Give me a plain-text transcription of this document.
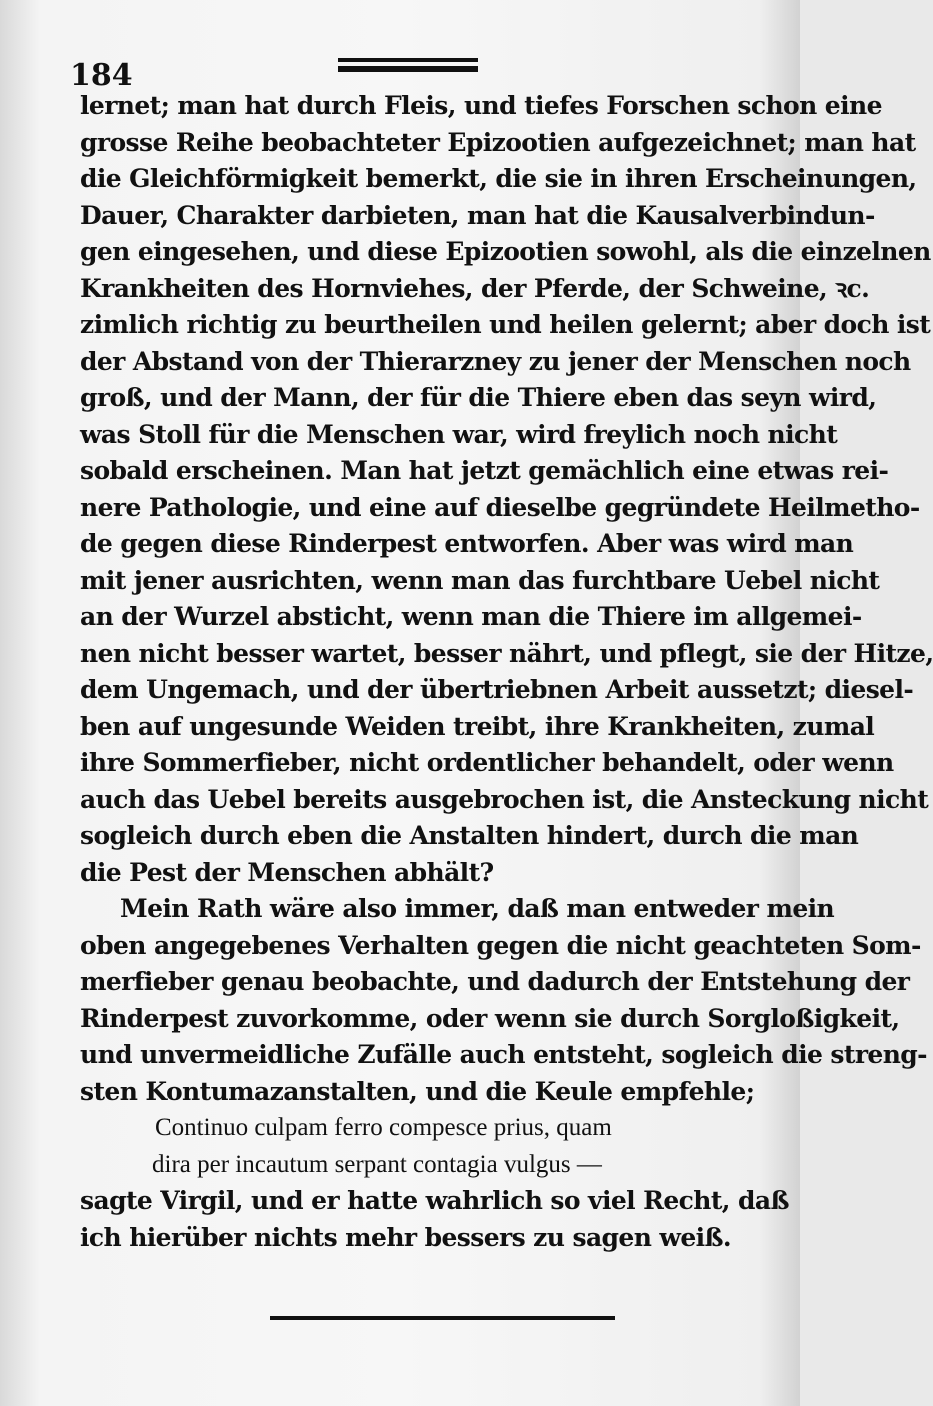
184
lernet; man hat durch Fleis, und tiefes Forschen schon eine
grosse Reihe beobachteter Epizootien aufgezeichnet; man hat
die Gleichförmigkeit bemerkt, die sie in ihren Erscheinungen,
Dauer, Charakter darbieten, man hat die Kausalverbindun-
gen eingesehen, und diese Epizootien sowohl, als die einzelnen
Krankheiten des Hornviehes, der Pferde, der Schweine, ꝛc.
zimlich richtig zu beurtheilen und heilen gelernt; aber doch ist
der Abstand von der Thierarzney zu jener der Menschen noch
groß, und der Mann, der für die Thiere eben das seyn wird,
was Stoll für die Menschen war, wird freylich noch nicht
sobald erscheinen. Man hat jetzt gemächlich eine etwas rei-
nere Pathologie, und eine auf dieselbe gegründete Heilmetho-
de gegen diese Rinderpest entworfen. Aber was wird man
mit jener ausrichten, wenn man das furchtbare Uebel nicht
an der Wurzel absticht, wenn man die Thiere im allgemei-
nen nicht besser wartet, besser nährt, und pflegt, sie der Hitze,
dem Ungemach, und der übertriebnen Arbeit aussetzt; diesel-
ben auf ungesunde Weiden treibt, ihre Krankheiten, zumal
ihre Sommerfieber, nicht ordentlicher behandelt, oder wenn
auch das Uebel bereits ausgebrochen ist, die Ansteckung nicht
sogleich durch eben die Anstalten hindert, durch die man
die Pest der Menschen abhält?
Mein Rath wäre also immer, daß man entweder mein
oben angegebenes Verhalten gegen die nicht geachteten Som-
merfieber genau beobachte, und dadurch der Entstehung der
Rinderpest zuvorkomme, oder wenn sie durch Sorgloßigkeit,
und unvermeidliche Zufälle auch entsteht, sogleich die streng-
sten Kontumazanstalten, und die Keule empfehle;
Continuo culpam ferro compesce prius, quam
dira per incautum serpant contagia vulgus —
sagte Virgil, und er hatte wahrlich so viel Recht, daß
ich hierüber nichts mehr bessers zu sagen weiß.
